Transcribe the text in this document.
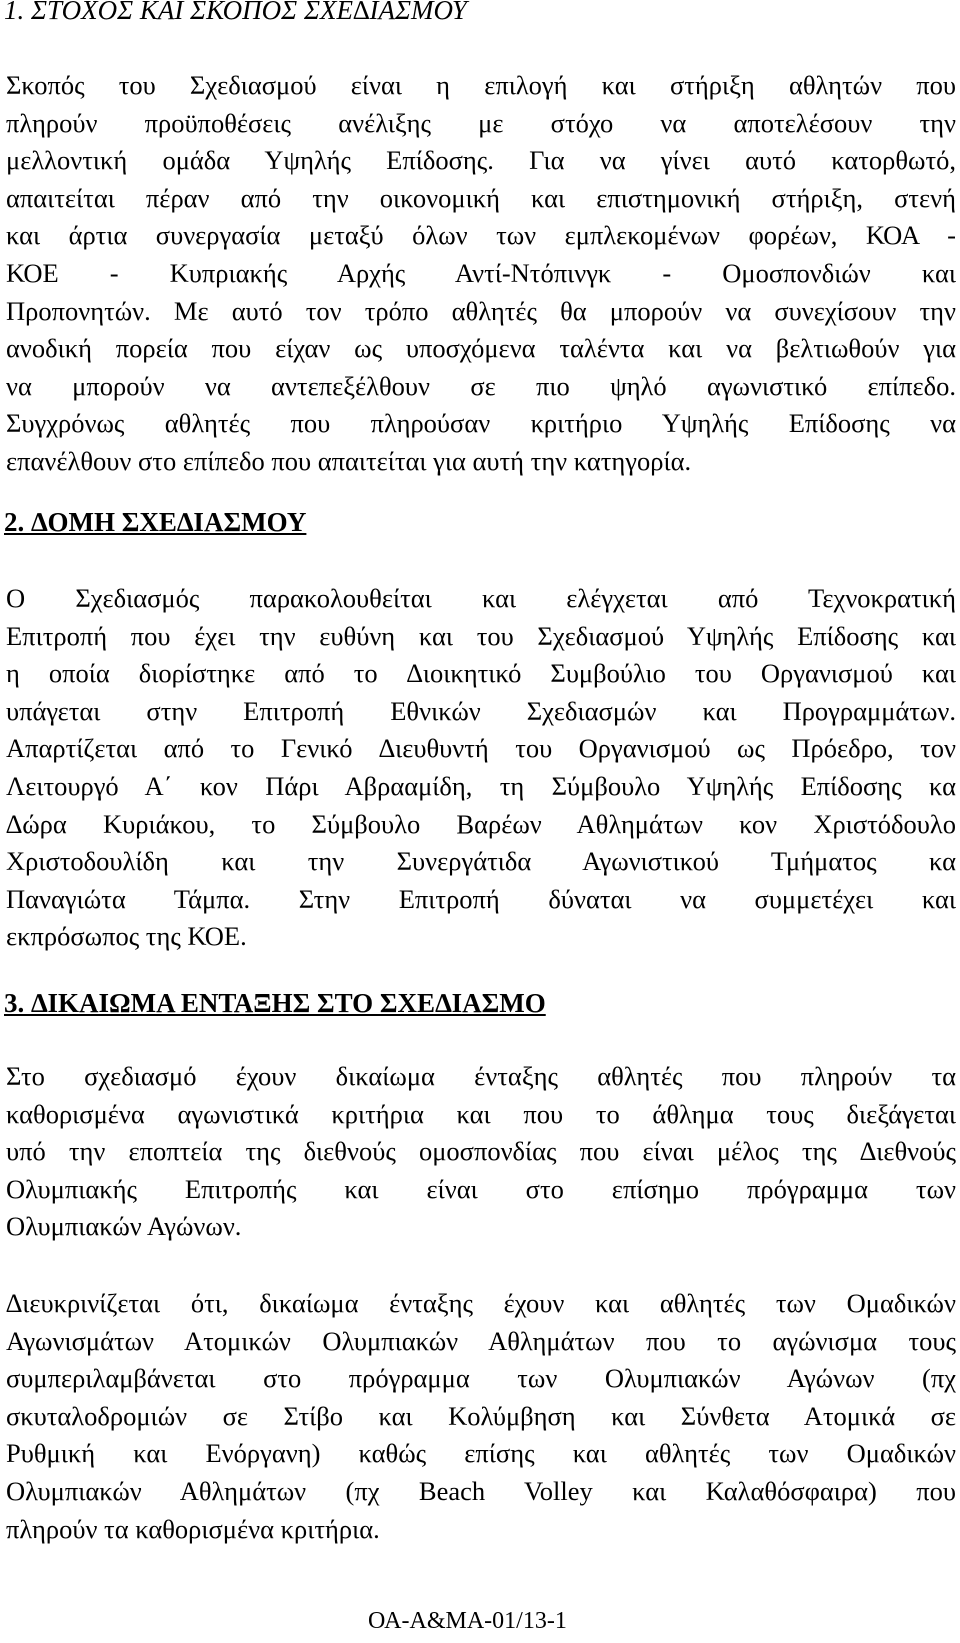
1. ΣΤΟΧΟΣ ΚΑΙ ΣΚΟΠΟΣ ΣΧΕ∆ΙΑΣΜΟΥ
Σκοπός του Σχεδιασμού είναι η επιλογή και στήριξη αθλητών που
πληρούν προϋποθέσεις ανέλιξης με στόχο να αποτελέσουν την
μελλοντική ομάδα Υψηλής Επίδοσης. Για να γίνει αυτό κατορθωτό,
απαιτείται πέραν από την οικονομική και επιστημονική στήριξη, στενή
και άρτια συνεργασία μεταξύ όλων των εμπλεκομένων φορέων, ΚΟΑ -
ΚΟΕ - Κυπριακής Αρχής Αντί-Ντόπινγκ - Ομοσπονδιών και
Προπονητών. Με αυτό τον τρόπο αθλητές θα μπορούν να συνεχίσουν την
ανοδική πορεία που είχαν ως υποσχόμενα ταλέντα και να βελτιωθούν για
να μπορούν να αντεπεξέλθουν σε πιο ψηλό αγωνιστικό επίπεδο.
Συγχρόνως αθλητές που πληρούσαν κριτήριο Υψηλής Επίδοσης να
επανέλθουν στο επίπεδο που απαιτείται για αυτή την κατηγορία.
2. ∆ΟΜΗ ΣΧΕ∆ΙΑΣΜΟΥ
Ο Σχεδιασμός παρακολουθείται και ελέγχεται από Τεχνοκρατική
Επιτροπή που έχει την ευθύνη και του Σχεδιασμού Υψηλής Επίδοσης και
η οποία διορίστηκε από το ∆ιοικητικό Συμβούλιο του Οργανισμού και
υπάγεται στην Επιτροπή Εθνικών Σχεδιασμών και Προγραμμάτων.
Απαρτίζεται από το Γενικό ∆ιευθυντή του Οργανισμού ως Πρόεδρο, τον
Λειτουργό Α΄ κον Πάρι Αβρααμίδη, τη Σύμβουλο Υψηλής Επίδοσης κα
∆ώρα Κυριάκου, το Σύμβουλο Βαρέων Αθλημάτων κον Χριστόδουλο
Χριστοδουλίδη και την Συνεργάτιδα Αγωνιστικού Τμήματος κα
Παναγιώτα Τάμπα. Στην Επιτροπή δύναται να συμμετέχει και
εκπρόσωπος της ΚΟΕ.
3. ∆ΙΚΑΙΩΜΑ ΕΝΤΑΞΗΣ ΣΤΟ ΣΧΕ∆ΙΑΣΜΟ
Στο σχεδιασμό έχουν δικαίωμα ένταξης αθλητές που πληρούν τα
καθορισμένα αγωνιστικά κριτήρια και που το άθλημα τους διεξάγεται
υπό την εποπτεία της διεθνούς ομοσπονδίας που είναι μέλος της ∆ιεθνούς
Ολυμπιακής Επιτροπής και είναι στο επίσημο πρόγραμμα των
Ολυμπιακών Αγώνων.
∆ιευκρινίζεται ότι, δικαίωμα ένταξης έχουν και αθλητές των Ομαδικών
Αγωνισμάτων Ατομικών Ολυμπιακών Αθλημάτων που το αγώνισμα τους
συμπεριλαμβάνεται στο πρόγραμμα των Ολυμπιακών Αγώνων (πχ
σκυταλοδρομιών σε Στίβο και Κολύμβηση και Σύνθετα Ατομικά σε
Ρυθμική και Ενόργανη) καθώς επίσης και αθλητές των Ομαδικών
Ολυμπιακών Αθλημάτων (πχ Beach Volley και Καλαθόσφαιρα) που
πληρούν τα καθορισμένα κριτήρια.
ΟΑ-Α&ΜΑ-01/13-1
